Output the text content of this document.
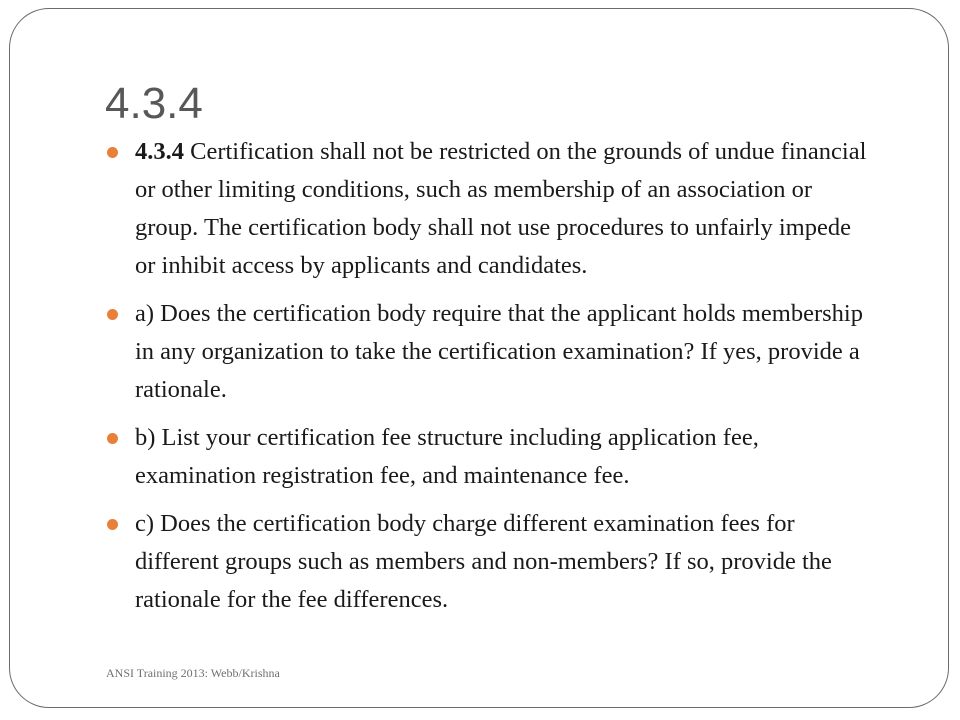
4.3.4
4.3.4 Certification shall not be restricted on the grounds of undue financial or other limiting conditions, such as membership of an association or group. The certification body shall not use procedures to unfairly impede or inhibit access by applicants and candidates.
a) Does the certification body require that the applicant holds membership in any organization to take the certification examination? If yes, provide a rationale.
b) List your certification fee structure including application fee, examination registration fee, and maintenance fee.
c) Does the certification body charge different examination fees for different groups such as members and non-members? If so, provide the rationale for the fee differences.
ANSI Training 2013: Webb/Krishna
